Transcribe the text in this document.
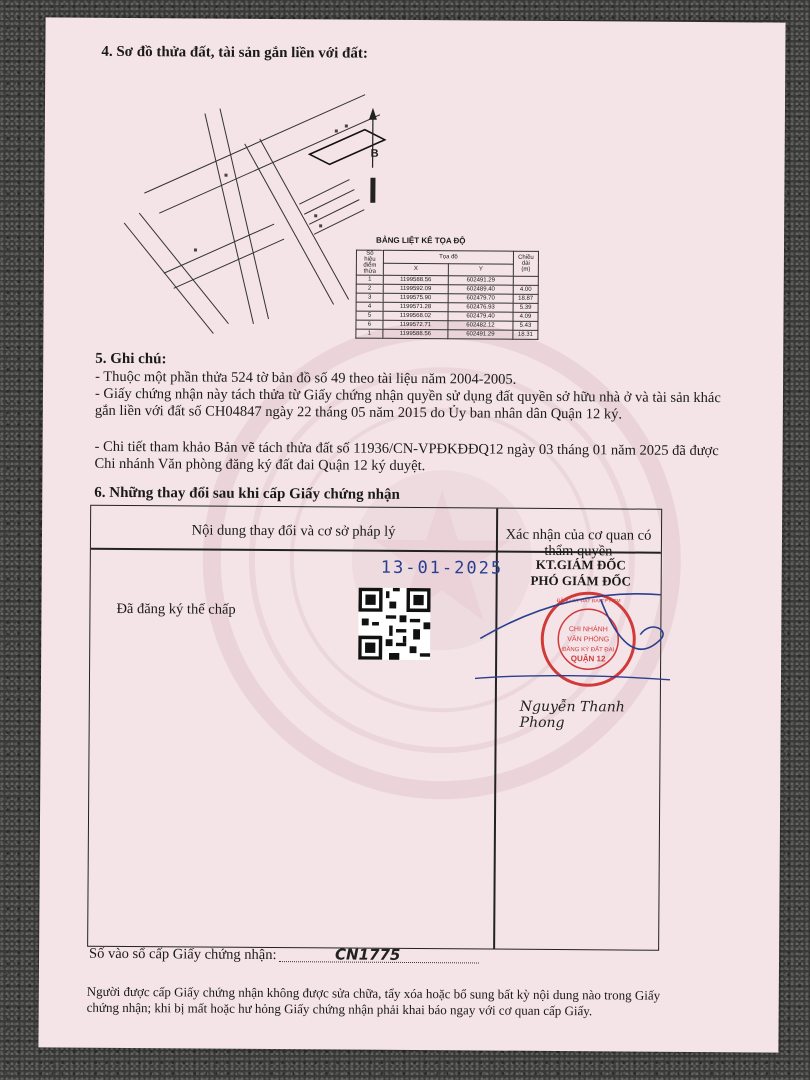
4. Sơ đồ thửa đất, tài sản gắn liền với đất:
B
BẢNG LIỆT KÊ TỌA ĐỘ
Số hiệu điểm thửa	Tọa độ		Chiều dài (m)
	X	Y	
1	1199588.56	602491.29	
2	1199592.09	602489.40	4.00
3	1199575.90	602479.70	18.87
4	1199571.28	602476.93	5.39
5	1199568.02	602479.40	4.09
6	1199572.71	602482.12	5.43
1	1199588.56	602491.29	18.31
5. Ghi chú:
- Thuộc một phần thửa 524 tờ bản đồ số 49 theo tài liệu năm 2004-2005.
- Giấy chứng nhận này tách thửa từ Giấy chứng nhận quyền sử dụng đất quyền sở hữu nhà ở và tài sản khác gắn liền với đất số CH04847 ngày 22 tháng 05 năm 2015 do Ủy ban nhân dân Quận 12 ký.
- Chi tiết tham khảo Bản vẽ tách thửa đất số 11936/CN-VPĐKĐĐQ12 ngày 03 tháng 01 năm 2025 đã được Chi nhánh Văn phòng đăng ký đất đai Quận 12 ký duyệt.
6. Những thay đổi sau khi cấp Giấy chứng nhận
Nội dung thay đổi và cơ sở pháp lý	Xác nhận của cơ quan có thẩm quyền
13-01-2025
Đã đăng ký thế chấp
KT.GIÁM ĐỐC
PHÓ GIÁM ĐỐC
CHI NHÁNH
VĂN PHÒNG
ĐĂNG KÝ ĐẤT ĐAI
QUẬN 12
ĐĂNG KÝ ĐẤT ĐAI TP HCM
Nguyễn Thanh Phong
Số vào sổ cấp Giấy chứng nhận:	CN1775
Người được cấp Giấy chứng nhận không được sửa chữa, tẩy xóa hoặc bổ sung bất kỳ nội dung nào trong Giấy chứng nhận; khi bị mất hoặc hư hỏng Giấy chứng nhận phải khai báo ngay với cơ quan cấp Giấy.
